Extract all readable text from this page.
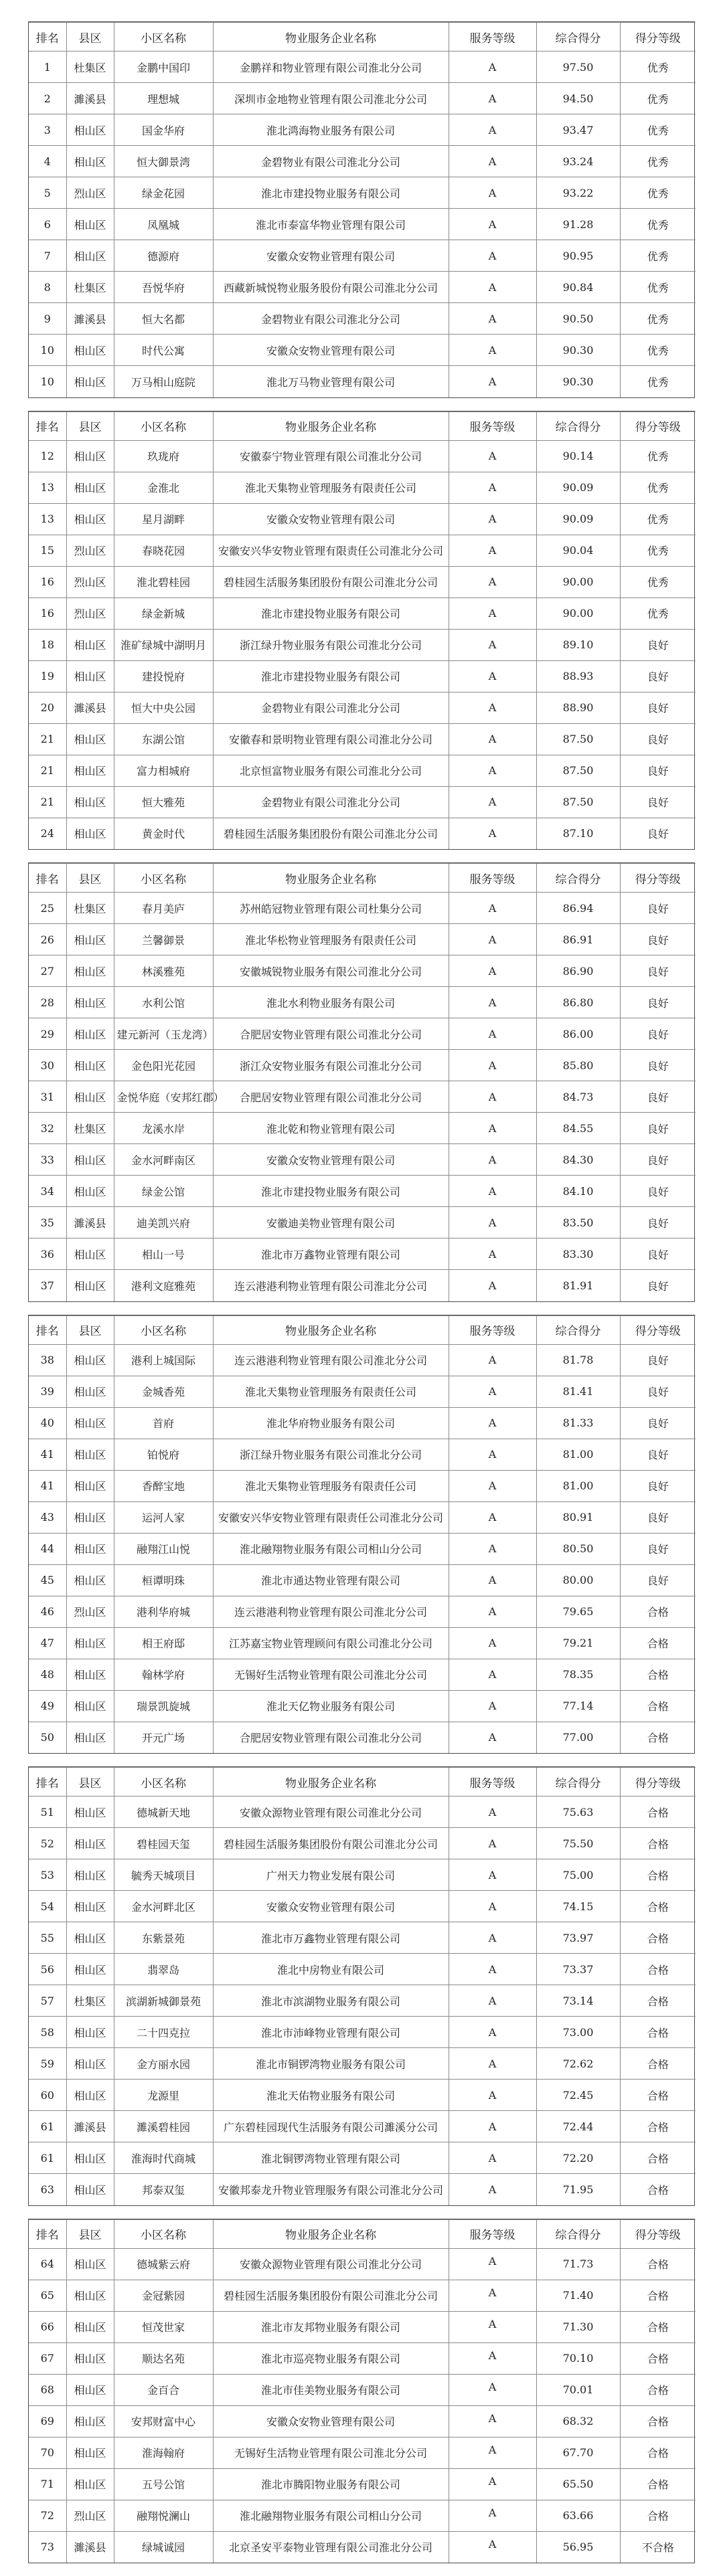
排名	县区	小区名称	物业服务企业名称	服务等级	综合得分	得分等级
1	杜集区	金鹏中国印	金鹏祥和物业管理有限公司淮北分公司	A	97.50	优秀
2	濉溪县	理想城	深圳市金地物业管理有限公司淮北分公司	A	94.50	优秀
3	相山区	国金华府	淮北鸿海物业服务有限公司	A	93.47	优秀
4	相山区	恒大御景湾	金碧物业有限公司淮北分公司	A	93.24	优秀
5	烈山区	绿金花园	淮北市建投物业服务有限公司	A	93.22	优秀
6	相山区	凤凰城	淮北市泰富华物业管理有限公司	A	91.28	优秀
7	相山区	德源府	安徽众安物业管理有限公司	A	90.95	优秀
8	杜集区	吾悦华府	西藏新城悦物业服务股份有限公司淮北分公司	A	90.84	优秀
9	濉溪县	恒大名都	金碧物业有限公司淮北分公司	A	90.50	优秀
10	相山区	时代公寓	安徽众安物业管理有限公司	A	90.30	优秀
10	相山区	万马相山庭院	淮北万马物业管理有限公司	A	90.30	优秀
排名	县区	小区名称	物业服务企业名称	服务等级	综合得分	得分等级
12	相山区	玖珑府	安徽泰宁物业管理有限公司淮北分公司	A	90.14	优秀
13	相山区	金淮北	淮北天集物业管理服务有限责任公司	A	90.09	优秀
13	相山区	星月湖畔	安徽众安物业管理有限公司	A	90.09	优秀
15	烈山区	春晓花园	安徽安兴华安物业管理有限责任公司淮北分公司	A	90.04	优秀
16	烈山区	淮北碧桂园	碧桂园生活服务集团股份有限公司淮北分公司	A	90.00	优秀
16	烈山区	绿金新城	淮北市建投物业服务有限公司	A	90.00	优秀
18	相山区	淮矿绿城中湖明月	浙江绿升物业服务有限公司淮北分公司	A	89.10	良好
19	相山区	建投悦府	淮北市建投物业服务有限公司	A	88.93	良好
20	濉溪县	恒大中央公园	金碧物业有限公司淮北分公司	A	88.90	良好
21	相山区	东湖公馆	安徽春和景明物业管理有限公司淮北分公司	A	87.50	良好
21	相山区	富力相城府	北京恒富物业服务有限公司淮北分公司	A	87.50	良好
21	相山区	恒大雅苑	金碧物业有限公司淮北分公司	A	87.50	良好
24	相山区	黄金时代	碧桂园生活服务集团股份有限公司淮北分公司	A	87.10	良好
排名	县区	小区名称	物业服务企业名称	服务等级	综合得分	得分等级
25	杜集区	春月美庐	苏州皓冠物业管理有限公司杜集分公司	A	86.94	良好
26	相山区	兰馨御景	淮北华松物业管理服务有限责任公司	A	86.91	良好
27	相山区	林溪雅苑	安徽城锐物业服务有限公司淮北分公司	A	86.90	良好
28	相山区	水利公馆	淮北水利物业服务有限公司	A	86.80	良好
29	相山区	建元新河（玉龙湾）	合肥居安物业管理有限公司淮北分公司	A	86.00	良好
30	相山区	金色阳光花园	浙江众安物业服务有限公司淮北分公司	A	85.80	良好
31	相山区	金悦华庭（安邦红郡）	合肥居安物业管理有限公司淮北分公司	A	84.73	良好
32	杜集区	龙溪水岸	淮北乾和物业管理有限公司	A	84.55	良好
33	相山区	金水河畔南区	安徽众安物业管理有限公司	A	84.30	良好
34	相山区	绿金公馆	淮北市建投物业服务有限公司	A	84.10	良好
35	濉溪县	迪美凯兴府	安徽迪美物业管理有限公司	A	83.50	良好
36	相山区	相山一号	淮北市万鑫物业管理有限公司	A	83.30	良好
37	相山区	港利文庭雅苑	连云港港利物业管理有限公司淮北分公司	A	81.91	良好
排名	县区	小区名称	物业服务企业名称	服务等级	综合得分	得分等级
38	相山区	港利上城国际	连云港港利物业管理有限公司淮北分公司	A	81.78	良好
39	相山区	金城香苑	淮北天集物业管理服务有限责任公司	A	81.41	良好
40	相山区	首府	淮北华府物业服务有限公司	A	81.33	良好
41	相山区	铂悦府	浙江绿升物业服务有限公司淮北分公司	A	81.00	良好
41	相山区	香醉宝地	淮北天集物业管理服务有限责任公司	A	81.00	良好
43	相山区	运河人家	安徽安兴华安物业管理有限责任公司淮北分公司	A	80.91	良好
44	相山区	融翔江山悦	淮北融翔物业服务有限公司相山分公司	A	80.50	良好
45	相山区	桓谭明珠	淮北市通达物业管理有限公司	A	80.00	良好
46	烈山区	港利华府城	连云港港利物业管理有限公司淮北分公司	A	79.65	合格
47	相山区	相王府邸	江苏嘉宝物业管理顾问有限公司淮北分公司	A	79.21	合格
48	相山区	翰林学府	无锡好生活物业管理有限公司淮北分公司	A	78.35	合格
49	相山区	瑞景凯旋城	淮北天亿物业服务有限公司	A	77.14	合格
50	相山区	开元广场	合肥居安物业管理有限公司淮北分公司	A	77.00	合格
排名	县区	小区名称	物业服务企业名称	服务等级	综合得分	得分等级
51	相山区	德城新天地	安徽众源物业管理有限公司淮北分公司	A	75.63	合格
52	相山区	碧桂园天玺	碧桂园生活服务集团股份有限公司淮北分公司	A	75.50	合格
53	相山区	毓秀天城项目	广州天力物业发展有限公司	A	75.00	合格
54	相山区	金水河畔北区	安徽众安物业管理有限公司	A	74.15	合格
55	相山区	东紫景苑	淮北市万鑫物业管理有限公司	A	73.97	合格
56	相山区	翡翠岛	淮北中房物业有限公司	A	73.37	合格
57	杜集区	滨湖新城御景苑	淮北市滨湖物业服务有限公司	A	73.14	合格
58	相山区	二十四克拉	淮北市沛峰物业管理有限公司	A	73.00	合格
59	相山区	金方丽水园	淮北市铜锣湾物业服务有限公司	A	72.62	合格
60	相山区	龙源里	淮北天佑物业服务有限公司	A	72.45	合格
61	濉溪县	濉溪碧桂园	广东碧桂园现代生活服务有限公司濉溪分公司	A	72.44	合格
61	相山区	淮海时代商城	淮北铜锣湾物业管理有限公司	A	72.20	合格
63	相山区	邦泰双玺	安徽邦泰龙升物业管理服务有限公司淮北分公司	A	71.95	合格
排名	县区	小区名称	物业服务企业名称	服务等级	综合得分	得分等级
64	相山区	德城紫云府	安徽众源物业管理有限公司淮北分公司	A	71.73	合格
65	相山区	金冠紫园	碧桂园生活服务集团股份有限公司淮北分公司	A	71.40	合格
66	相山区	恒茂世家	淮北市友邦物业服务有限公司	A	71.30	合格
67	相山区	顺达名苑	淮北市巡亮物业服务有限公司	A	70.10	合格
68	相山区	金百合	淮北市佳美物业服务有限公司	A	70.01	合格
69	相山区	安邦财富中心	安徽众安物业管理有限公司	A	68.32	合格
70	相山区	淮海翰府	无锡好生活物业管理有限公司淮北分公司	A	67.70	合格
71	相山区	五号公馆	淮北市腾阳物业服务有限公司	A	65.50	合格
72	烈山区	融翔悦澜山	淮北融翔物业服务有限公司相山分公司	A	63.66	合格
73	濉溪县	绿城诚园	北京圣安平泰物业管理有限公司淮北分公司	A	56.95	不合格
